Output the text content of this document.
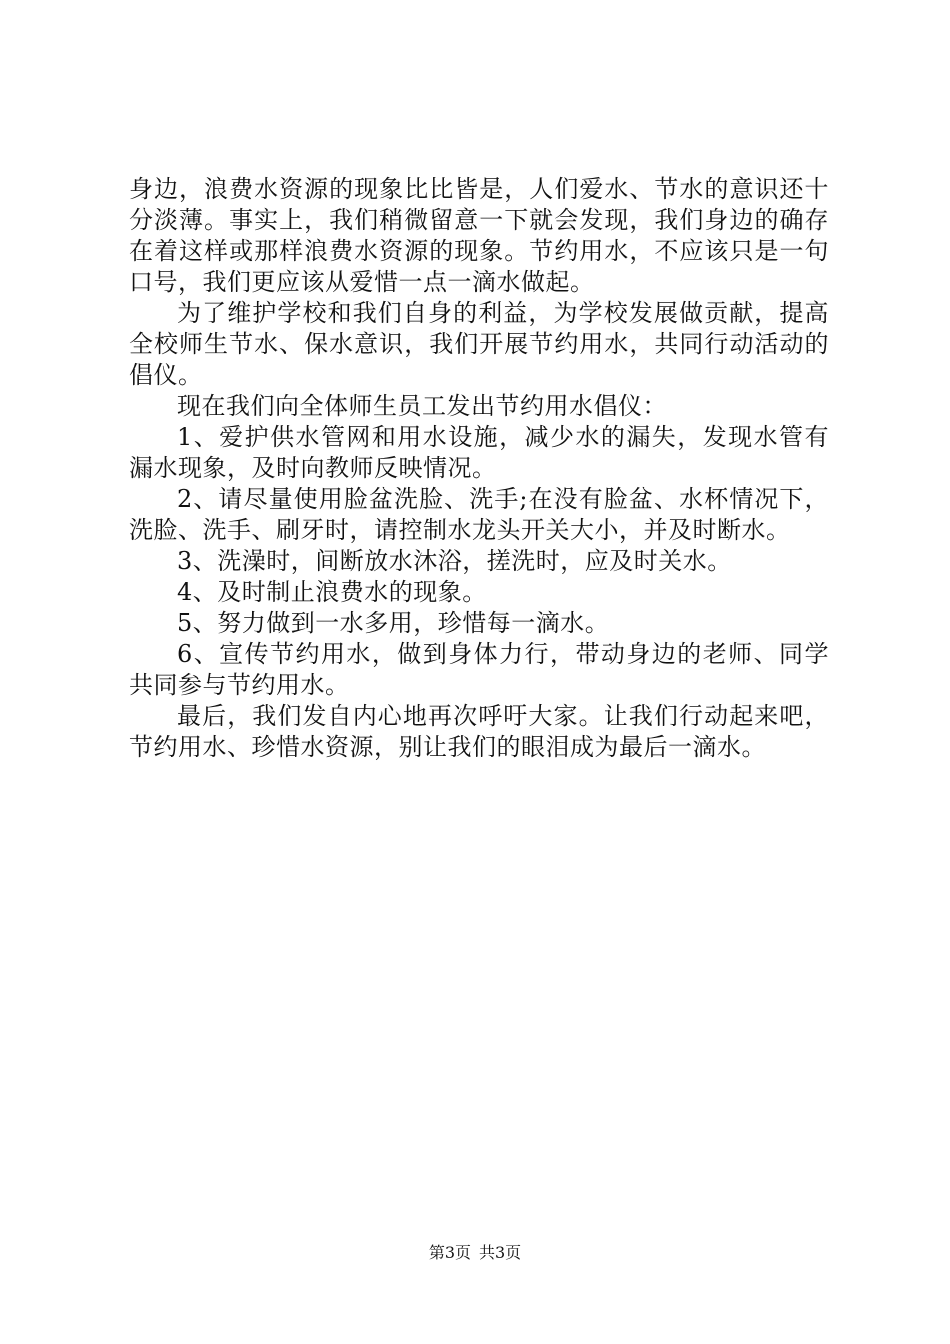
身边，浪费水资源的现象比比皆是，人们爱水、节水的意识还十分淡薄。事实上，我们稍微留意一下就会发现，我们身边的确存在着这样或那样浪费水资源的现象。节约用水，不应该只是一句口号，我们更应该从爱惜一点一滴水做起。

为了维护学校和我们自身的利益，为学校发展做贡献，提高全校师生节水、保水意识，我们开展节约用水，共同行动活动的倡仪。

现在我们向全体师生员工发出节约用水倡仪：

1、爱护供水管网和用水设施，减少水的漏失，发现水管有漏水现象，及时向教师反映情况。

2、请尽量使用脸盆洗脸、洗手;在没有脸盆、水杯情况下，洗脸、洗手、刷牙时，请控制水龙头开关大小，并及时断水。

3、洗澡时，间断放水沐浴，搓洗时，应及时关水。

4、及时制止浪费水的现象。

5、努力做到一水多用，珍惜每一滴水。

6、宣传节约用水，做到身体力行，带动身边的老师、同学共同参与节约用水。

最后，我们发自内心地再次呼吁大家。让我们行动起来吧，节约用水、珍惜水资源，别让我们的眼泪成为最后一滴水。

第3页 共3页
